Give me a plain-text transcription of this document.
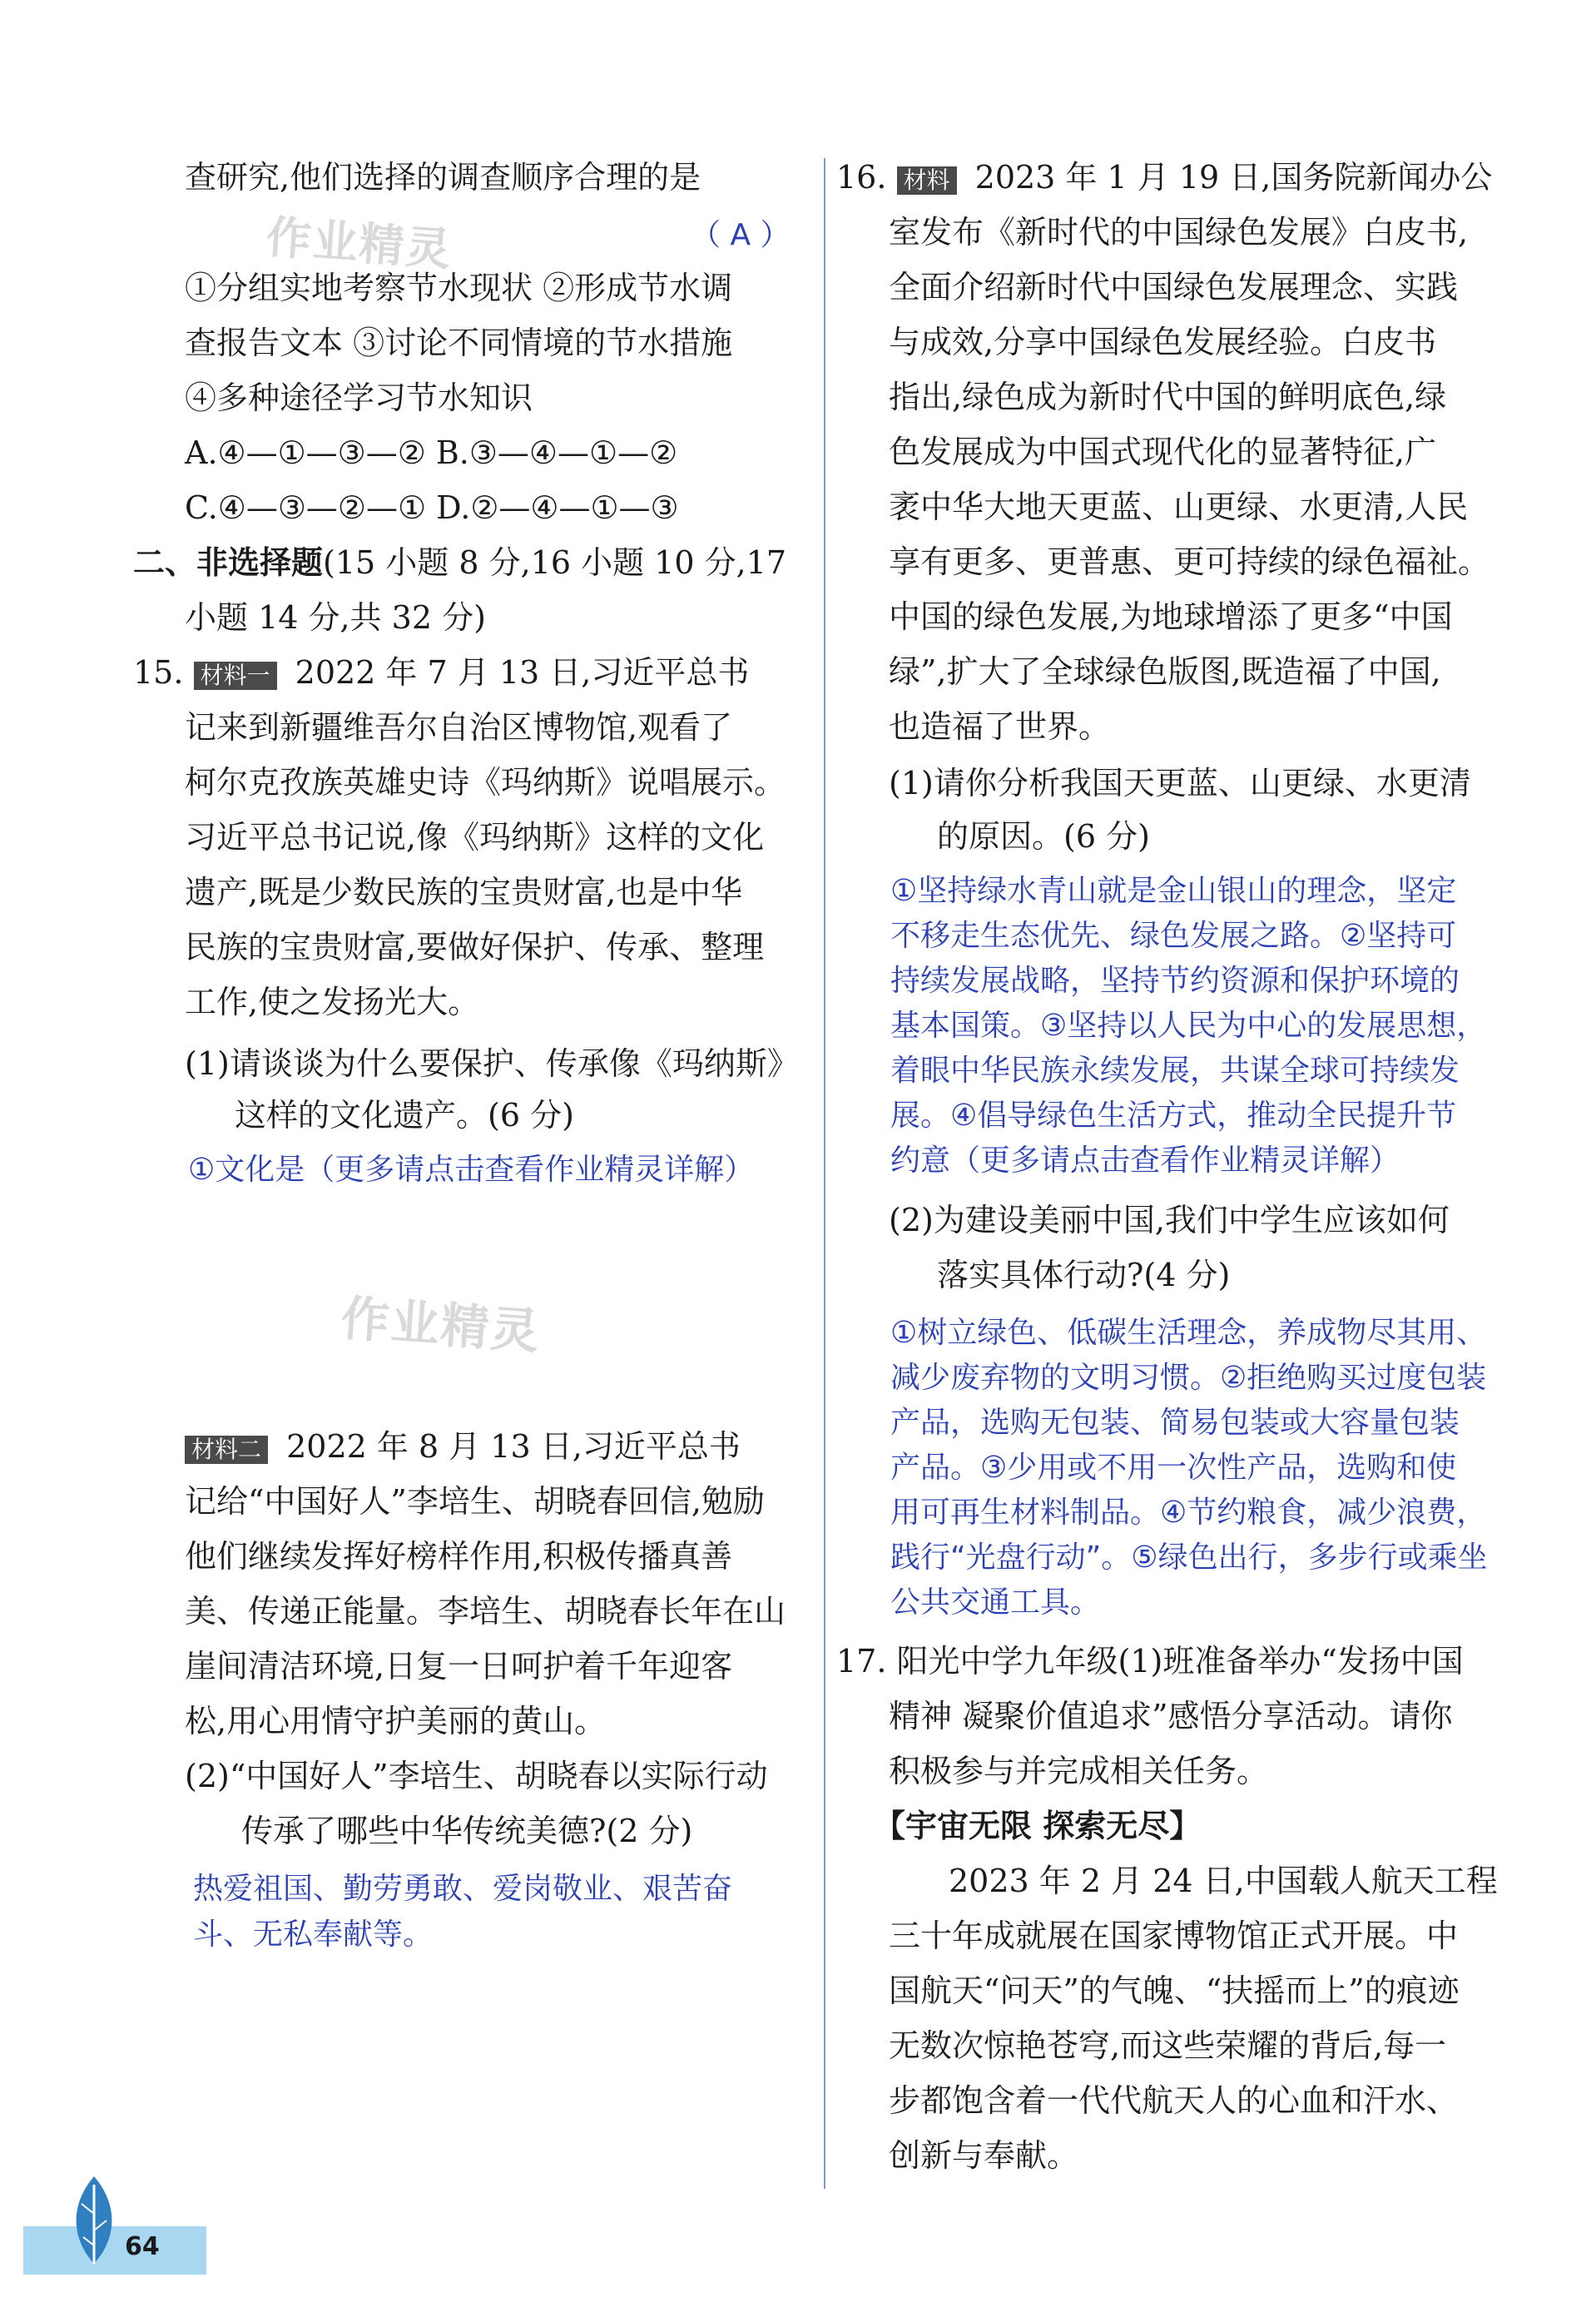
查研究,他们选择的调查顺序合理的是
（ A ）
①分组实地考察节水现状 ②形成节水调
查报告文本 ③讨论不同情境的节水措施
④多种途径学习节水知识
A.④—①—③—② B.③—④—①—②
C.④—③—②—① D.②—④—①—③
二、非选择题(15 小题 8 分,16 小题 10 分,17
小题 14 分,共 32 分)
15. 材料一 2022 年 7 月 13 日,习近平总书
记来到新疆维吾尔自治区博物馆,观看了
柯尔克孜族英雄史诗《玛纳斯》说唱展示。
习近平总书记说,像《玛纳斯》这样的文化
遗产,既是少数民族的宝贵财富,也是中华
民族的宝贵财富,要做好保护、传承、整理
工作,使之发扬光大。
(1)请谈谈为什么要保护、传承像《玛纳斯》
这样的文化遗产。(6 分)
①文化是（更多请点击查看作业精灵详解）
作业精灵
作业精灵
材料二 2022 年 8 月 13 日,习近平总书
记给“中国好人”李培生、胡晓春回信,勉励
他们继续发挥好榜样作用,积极传播真善
美、传递正能量。李培生、胡晓春长年在山
崖间清洁环境,日复一日呵护着千年迎客
松,用心用情守护美丽的黄山。
(2)“中国好人”李培生、胡晓春以实际行动
传承了哪些中华传统美德?(2 分)
热爱祖国、勤劳勇敢、爱岗敬业、艰苦奋
斗、无私奉献等。
16. 材料 2023 年 1 月 19 日,国务院新闻办公
室发布《新时代的中国绿色发展》白皮书,
全面介绍新时代中国绿色发展理念、实践
与成效,分享中国绿色发展经验。白皮书
指出,绿色成为新时代中国的鲜明底色,绿
色发展成为中国式现代化的显著特征,广
袤中华大地天更蓝、山更绿、水更清,人民
享有更多、更普惠、更可持续的绿色福祉。
中国的绿色发展,为地球增添了更多“中国
绿”,扩大了全球绿色版图,既造福了中国,
也造福了世界。
(1)请你分析我国天更蓝、山更绿、水更清
的原因。(6 分)
①坚持绿水青山就是金山银山的理念，坚定
不移走生态优先、绿色发展之路。②坚持可
持续发展战略，坚持节约资源和保护环境的
基本国策。③坚持以人民为中心的发展思想，
着眼中华民族永续发展，共谋全球可持续发
展。④倡导绿色生活方式，推动全民提升节
约意（更多请点击查看作业精灵详解）
(2)为建设美丽中国,我们中学生应该如何
落实具体行动?(4 分)
①树立绿色、低碳生活理念，养成物尽其用、
减少废弃物的文明习惯。②拒绝购买过度包装
产品，选购无包装、简易包装或大容量包装
产品。③少用或不用一次性产品，选购和使
用可再生材料制品。④节约粮食，减少浪费，
践行“光盘行动”。⑤绿色出行，多步行或乘坐
公共交通工具。
17. 阳光中学九年级(1)班准备举办“发扬中国
精神 凝聚价值追求”感悟分享活动。请你
积极参与并完成相关任务。
【宇宙无限 探索无尽】
2023 年 2 月 24 日,中国载人航天工程
三十年成就展在国家博物馆正式开展。中
国航天“问天”的气魄、“扶摇而上”的痕迹
无数次惊艳苍穹,而这些荣耀的背后,每一
步都饱含着一代代航天人的心血和汗水、
创新与奉献。
64
